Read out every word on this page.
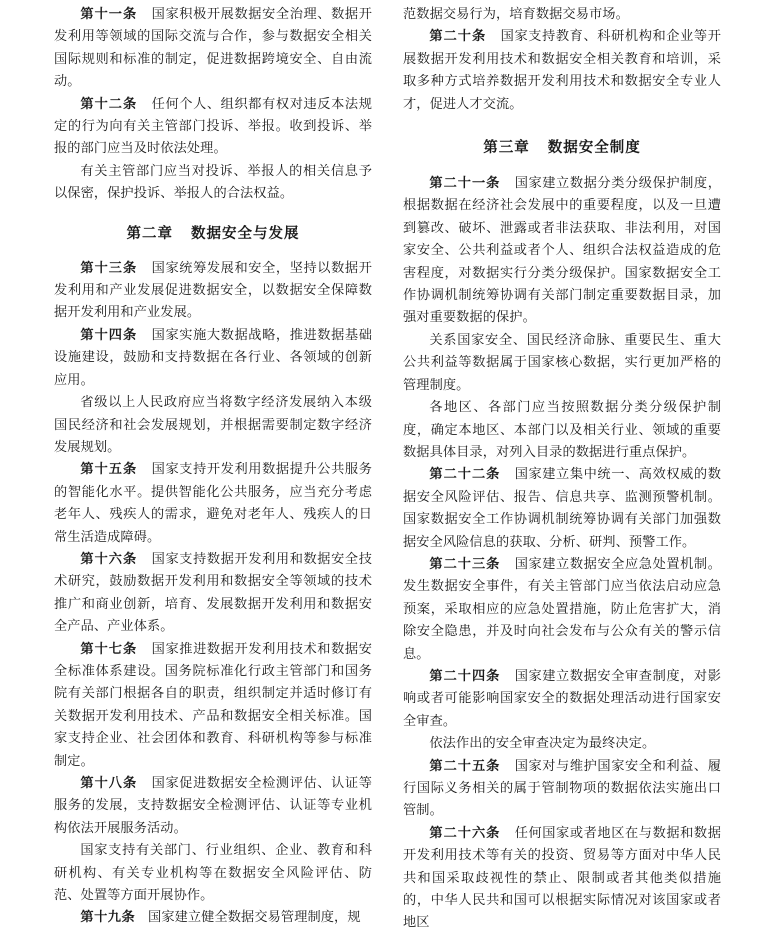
第十一条 国家积极开展数据安全治理、数据开发利用等领域的国际交流与合作，参与数据安全相关国际规则和标准的制定，促进数据跨境安全、自由流动。

第十二条 任何个人、组织都有权对违反本法规定的行为向有关主管部门投诉、举报。收到投诉、举报的部门应当及时依法处理。

有关主管部门应当对投诉、举报人的相关信息予以保密，保护投诉、举报人的合法权益。

第二章 数据安全与发展

第十三条 国家统筹发展和安全，坚持以数据开发利用和产业发展促进数据安全，以数据安全保障数据开发利用和产业发展。

第十四条 国家实施大数据战略，推进数据基础设施建设，鼓励和支持数据在各行业、各领域的创新应用。

省级以上人民政府应当将数字经济发展纳入本级国民经济和社会发展规划，并根据需要制定数字经济发展规划。

第十五条 国家支持开发利用数据提升公共服务的智能化水平。提供智能化公共服务，应当充分考虑老年人、残疾人的需求，避免对老年人、残疾人的日常生活造成障碍。

第十六条 国家支持数据开发利用和数据安全技术研究，鼓励数据开发利用和数据安全等领域的技术推广和商业创新，培育、发展数据开发利用和数据安全产品、产业体系。

第十七条 国家推进数据开发利用技术和数据安全标准体系建设。国务院标准化行政主管部门和国务院有关部门根据各自的职责，组织制定并适时修订有关数据开发利用技术、产品和数据安全相关标准。国家支持企业、社会团体和教育、科研机构等参与标准制定。

第十八条 国家促进数据安全检测评估、认证等服务的发展，支持数据安全检测评估、认证等专业机构依法开展服务活动。

国家支持有关部门、行业组织、企业、教育和科研机构、有关专业机构等在数据安全风险评估、防范、处置等方面开展协作。

第十九条 国家建立健全数据交易管理制度，规

范数据交易行为，培育数据交易市场。

第二十条 国家支持教育、科研机构和企业等开展数据开发利用技术和数据安全相关教育和培训，采取多种方式培养数据开发利用技术和数据安全专业人才，促进人才交流。

第三章 数据安全制度

第二十一条 国家建立数据分类分级保护制度，根据数据在经济社会发展中的重要程度，以及一旦遭到篡改、破坏、泄露或者非法获取、非法利用，对国家安全、公共利益或者个人、组织合法权益造成的危害程度，对数据实行分类分级保护。国家数据安全工作协调机制统筹协调有关部门制定重要数据目录，加强对重要数据的保护。

关系国家安全、国民经济命脉、重要民生、重大公共利益等数据属于国家核心数据，实行更加严格的管理制度。

各地区、各部门应当按照数据分类分级保护制度，确定本地区、本部门以及相关行业、领域的重要数据具体目录，对列入目录的数据进行重点保护。

第二十二条 国家建立集中统一、高效权威的数据安全风险评估、报告、信息共享、监测预警机制。国家数据安全工作协调机制统筹协调有关部门加强数据安全风险信息的获取、分析、研判、预警工作。

第二十三条 国家建立数据安全应急处置机制。发生数据安全事件，有关主管部门应当依法启动应急预案，采取相应的应急处置措施，防止危害扩大，消除安全隐患，并及时向社会发布与公众有关的警示信息。

第二十四条 国家建立数据安全审查制度，对影响或者可能影响国家安全的数据处理活动进行国家安全审查。

依法作出的安全审查决定为最终决定。

第二十五条 国家对与维护国家安全和利益、履行国际义务相关的属于管制物项的数据依法实施出口管制。

第二十六条 任何国家或者地区在与数据和数据开发利用技术等有关的投资、贸易等方面对中华人民共和国采取歧视性的禁止、限制或者其他类似措施的，中华人民共和国可以根据实际情况对该国家或者地区
